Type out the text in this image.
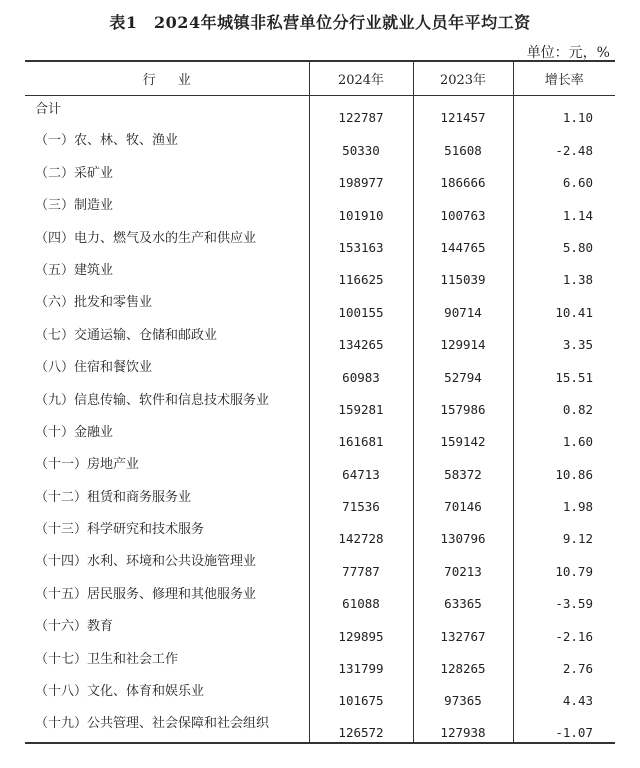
表1　2024年城镇非私营单位分行业就业人员年平均工资
单位：元，%
行业	2024年	2023年	增长率
合计	122787	121457	1.10
（一）农、林、牧、渔业	50330	51608	-2.48
（二）采矿业	198977	186666	6.60
（三）制造业	101910	100763	1.14
（四）电力、燃气及水的生产和供应业	153163	144765	5.80
（五）建筑业	116625	115039	1.38
（六）批发和零售业	100155	90714	10.41
（七）交通运输、仓储和邮政业	134265	129914	3.35
（八）住宿和餐饮业	60983	52794	15.51
（九）信息传输、软件和信息技术服务业	159281	157986	0.82
（十）金融业	161681	159142	1.60
（十一）房地产业	64713	58372	10.86
（十二）租赁和商务服务业	71536	70146	1.98
（十三）科学研究和技术服务	142728	130796	9.12
（十四）水利、环境和公共设施管理业	77787	70213	10.79
（十五）居民服务、修理和其他服务业	61088	63365	-3.59
（十六）教育	129895	132767	-2.16
（十七）卫生和社会工作	131799	128265	2.76
（十八）文化、体育和娱乐业	101675	97365	4.43
（十九）公共管理、社会保障和社会组织	126572	127938	-1.07
